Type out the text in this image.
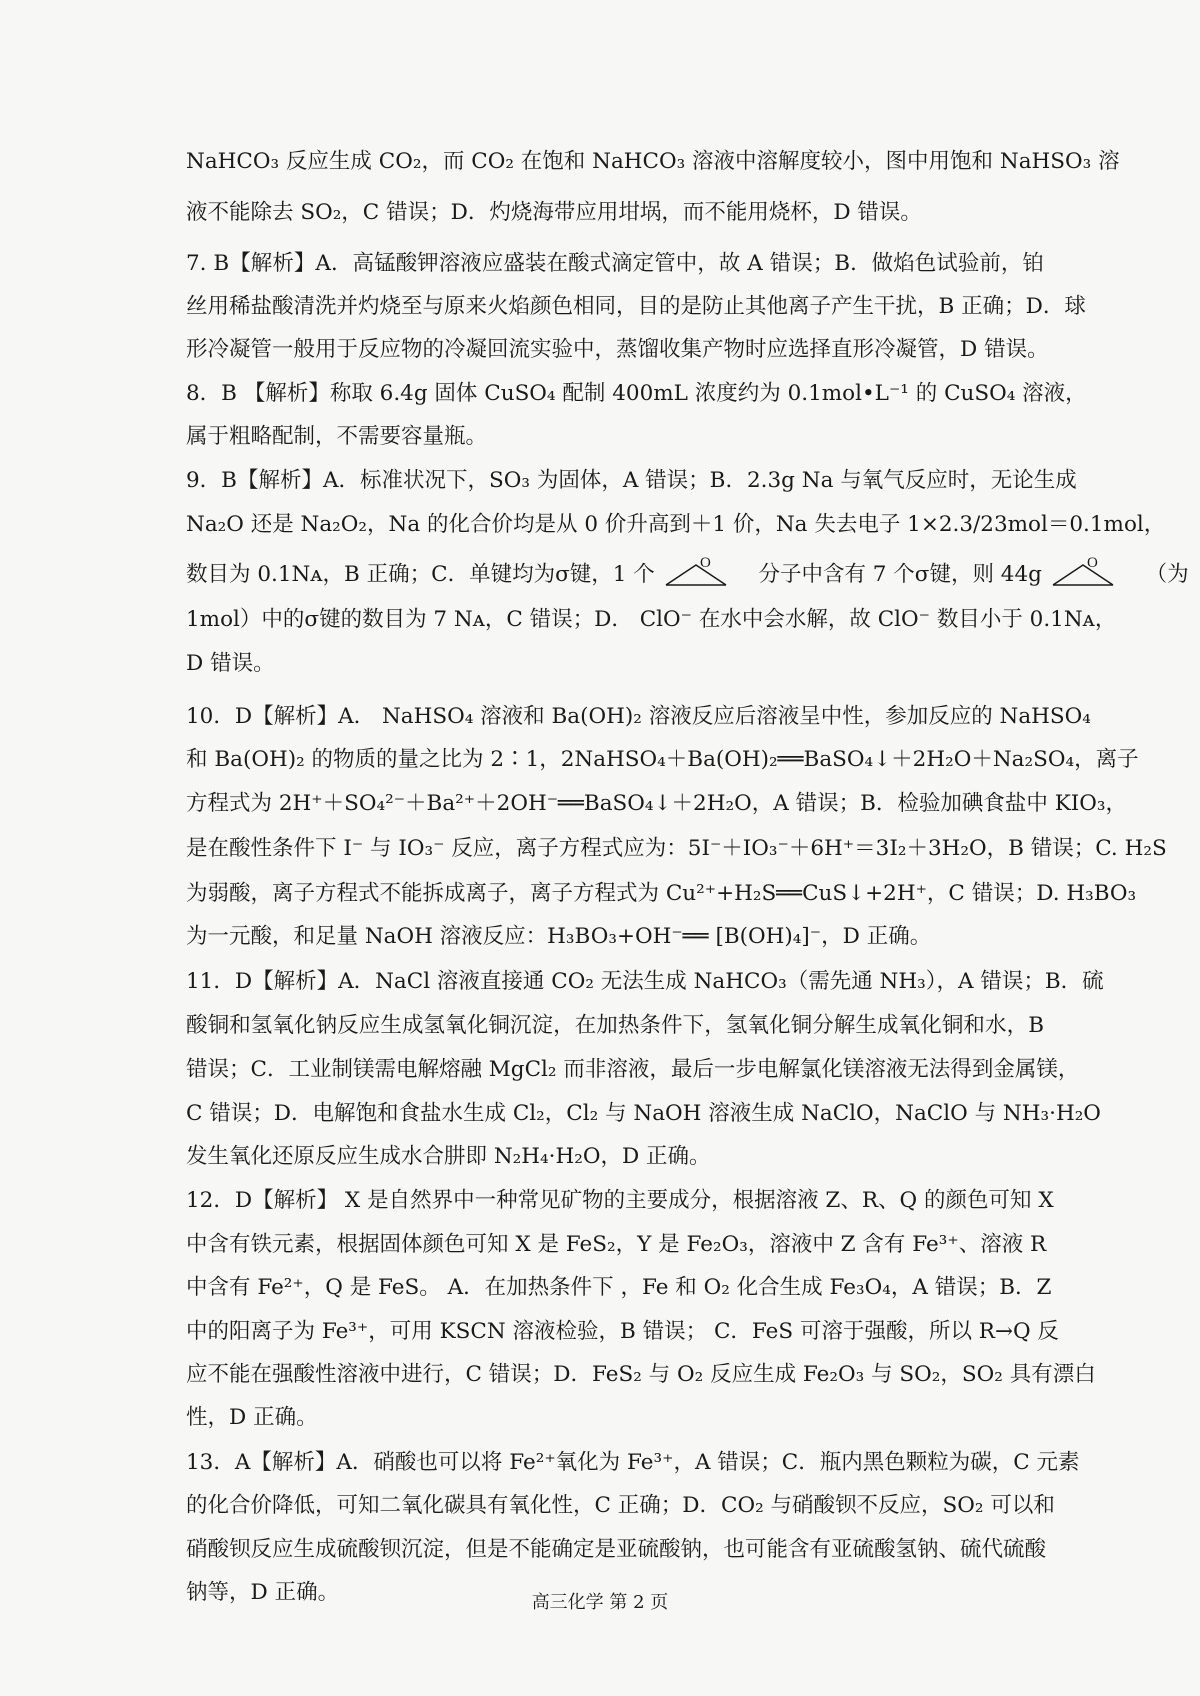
NaHCO₃ 反应生成 CO₂，而 CO₂ 在饱和 NaHCO₃ 溶液中溶解度较小，图中用饱和 NaHSO₃ 溶
液不能除去 SO₂，C 错误；D．灼烧海带应用坩埚，而不能用烧杯，D 错误。
7. B【解析】A．高锰酸钾溶液应盛装在酸式滴定管中，故 A 错误；B．做焰色试验前，铂
丝用稀盐酸清洗并灼烧至与原来火焰颜色相同，目的是防止其他离子产生干扰，B 正确；D．球
形冷凝管一般用于反应物的冷凝回流实验中，蒸馏收集产物时应选择直形冷凝管，D 错误。
8．B 【解析】称取 6.4g 固体 CuSO₄ 配制 400mL 浓度约为 0.1mol•L⁻¹ 的 CuSO₄ 溶液，
属于粗略配制，不需要容量瓶。
9．B【解析】A．标准状况下，SO₃ 为固体，A 错误；B．2.3g Na 与氧气反应时，无论生成
Na₂O 还是 Na₂O₂，Na 的化合价均是从 0 价升高到＋1 价，Na 失去电子 1×2.3/23mol＝0.1mol，
数目为 0.1Nᴀ，B 正确；C．单键均为σ键，1 个	O 分子中含有 7 个σ键，则 44g	O （为
1mol）中的σ键的数目为 7 Nᴀ，C 错误；D． ClO⁻ 在水中会水解，故 ClO⁻ 数目小于 0.1Nᴀ，
D 错误。
10．D【解析】A． NaHSO₄ 溶液和 Ba(OH)₂ 溶液反应后溶液呈中性，参加反应的 NaHSO₄
和 Ba(OH)₂ 的物质的量之比为 2∶1，2NaHSO₄＋Ba(OH)₂══BaSO₄↓＋2H₂O＋Na₂SO₄，离子
方程式为 2H⁺＋SO₄²⁻＋Ba²⁺＋2OH⁻══BaSO₄↓＋2H₂O，A 错误；B．检验加碘食盐中 KIO₃，
是在酸性条件下 I⁻ 与 IO₃⁻ 反应，离子方程式应为：5I⁻＋IO₃⁻＋6H⁺＝3I₂＋3H₂O，B 错误；C. H₂S
为弱酸，离子方程式不能拆成离子，离子方程式为 Cu²⁺+H₂S══CuS↓+2H⁺，C 错误；D. H₃BO₃
为一元酸，和足量 NaOH 溶液反应：H₃BO₃+OH⁻══ [B(OH)₄]⁻，D 正确。
11．D【解析】A．NaCl 溶液直接通 CO₂ 无法生成 NaHCO₃（需先通 NH₃），A 错误；B．硫
酸铜和氢氧化钠反应生成氢氧化铜沉淀，在加热条件下，氢氧化铜分解生成氧化铜和水，B
错误；C．工业制镁需电解熔融 MgCl₂ 而非溶液，最后一步电解氯化镁溶液无法得到金属镁，
C 错误；D．电解饱和食盐水生成 Cl₂，Cl₂ 与 NaOH 溶液生成 NaClO，NaClO 与 NH₃·H₂O
发生氧化还原反应生成水合肼即 N₂H₄·H₂O，D 正确。
12．D【解析】 X 是自然界中一种常见矿物的主要成分，根据溶液 Z、R、Q 的颜色可知 X
中含有铁元素，根据固体颜色可知 X 是 FeS₂，Y 是 Fe₂O₃，溶液中 Z 含有 Fe³⁺、溶液 R
中含有 Fe²⁺，Q 是 FeS。 A．在加热条件下 ，Fe 和 O₂ 化合生成 Fe₃O₄，A 错误；B．Z
中的阳离子为 Fe³⁺，可用 KSCN 溶液检验，B 错误； C．FeS 可溶于强酸，所以 R→Q 反
应不能在强酸性溶液中进行，C 错误；D．FeS₂ 与 O₂ 反应生成 Fe₂O₃ 与 SO₂，SO₂ 具有漂白
性，D 正确。
13．A【解析】A．硝酸也可以将 Fe²⁺氧化为 Fe³⁺，A 错误；C．瓶内黑色颗粒为碳，C 元素
的化合价降低，可知二氧化碳具有氧化性，C 正确；D．CO₂ 与硝酸钡不反应，SO₂ 可以和
硝酸钡反应生成硫酸钡沉淀，但是不能确定是亚硫酸钠，也可能含有亚硫酸氢钠、硫代硫酸
钠等，D 正确。	高三化学 第 2 页
